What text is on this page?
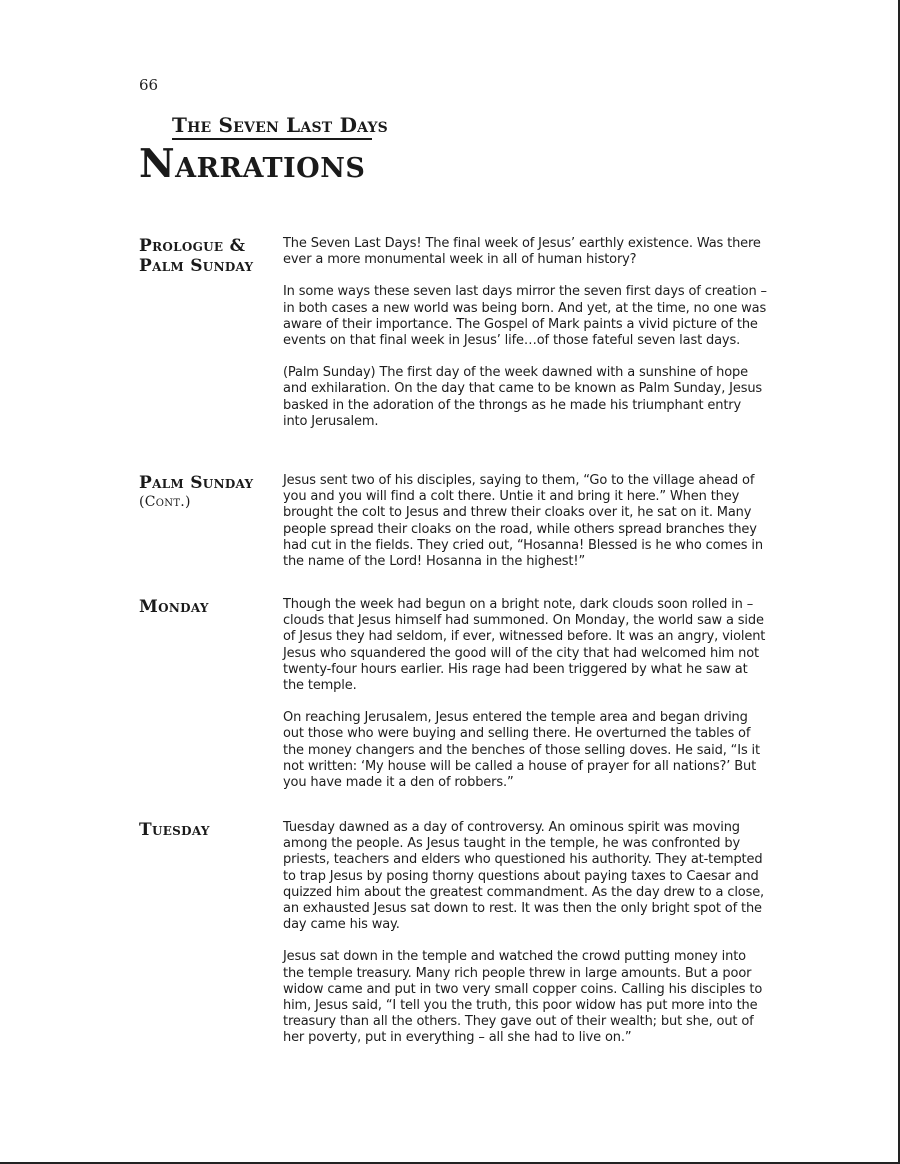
66
The Seven Last Days
Narrations
Prologue &
Palm Sunday

The Seven Last Days! The final week of Jesus’ earthly existence. Was there ever a more monumental week in all of human history?

In some ways these seven last days mirror the seven first days of creation – in both cases a new world was being born. And yet, at the time, no one was aware of their importance. The Gospel of Mark paints a vivid picture of the events on that final week in Jesus’ life…of those fateful seven last days.

(Palm Sunday) The first day of the week dawned with a sunshine of hope and exhilaration. On the day that came to be known as Palm Sunday, Jesus basked in the adoration of the throngs as he made his triumphant entry into Jerusalem.

Palm Sunday
(Cont.)

Jesus sent two of his disciples, saying to them, “Go to the village ahead of you and you will find a colt there. Untie it and bring it here.” When they brought the colt to Jesus and threw their cloaks over it, he sat on it. Many people spread their cloaks on the road, while others spread branches they had cut in the fields. They cried out, “Hosanna! Blessed is he who comes in the name of the Lord! Hosanna in the highest!”

Monday	Though the week had begun on a bright note, dark clouds soon rolled in – clouds that Jesus himself had summoned. On Monday, the world saw a side of Jesus they had seldom, if ever, witnessed before. It was an angry, violent Jesus who squandered the good will of the city that had welcomed him not twenty-four hours earlier. His rage had been triggered by what he saw at the temple.

On reaching Jerusalem, Jesus entered the temple area and began driving out those who were buying and selling there. He overturned the tables of the money changers and the benches of those selling doves. He said, “Is it not written: ‘My house will be called a house of prayer for all nations?’ But you have made it a den of robbers.”

Tuesday	Tuesday dawned as a day of controversy. An ominous spirit was moving among the people. As Jesus taught in the temple, he was confronted by priests, teachers and elders who questioned his authority. They at-tempted to trap Jesus by posing thorny questions about paying taxes to Caesar and quizzed him about the greatest commandment. As the day drew to a close, an exhausted Jesus sat down to rest. It was then the only bright spot of the day came his way.

Jesus sat down in the temple and watched the crowd putting money into the temple treasury. Many rich people threw in large amounts. But a poor widow came and put in two very small copper coins. Calling his disciples to him, Jesus said, “I tell you the truth, this poor widow has put more into the treasury than all the others. They gave out of their wealth; but she, out of her poverty, put in everything – all she had to live on.”
